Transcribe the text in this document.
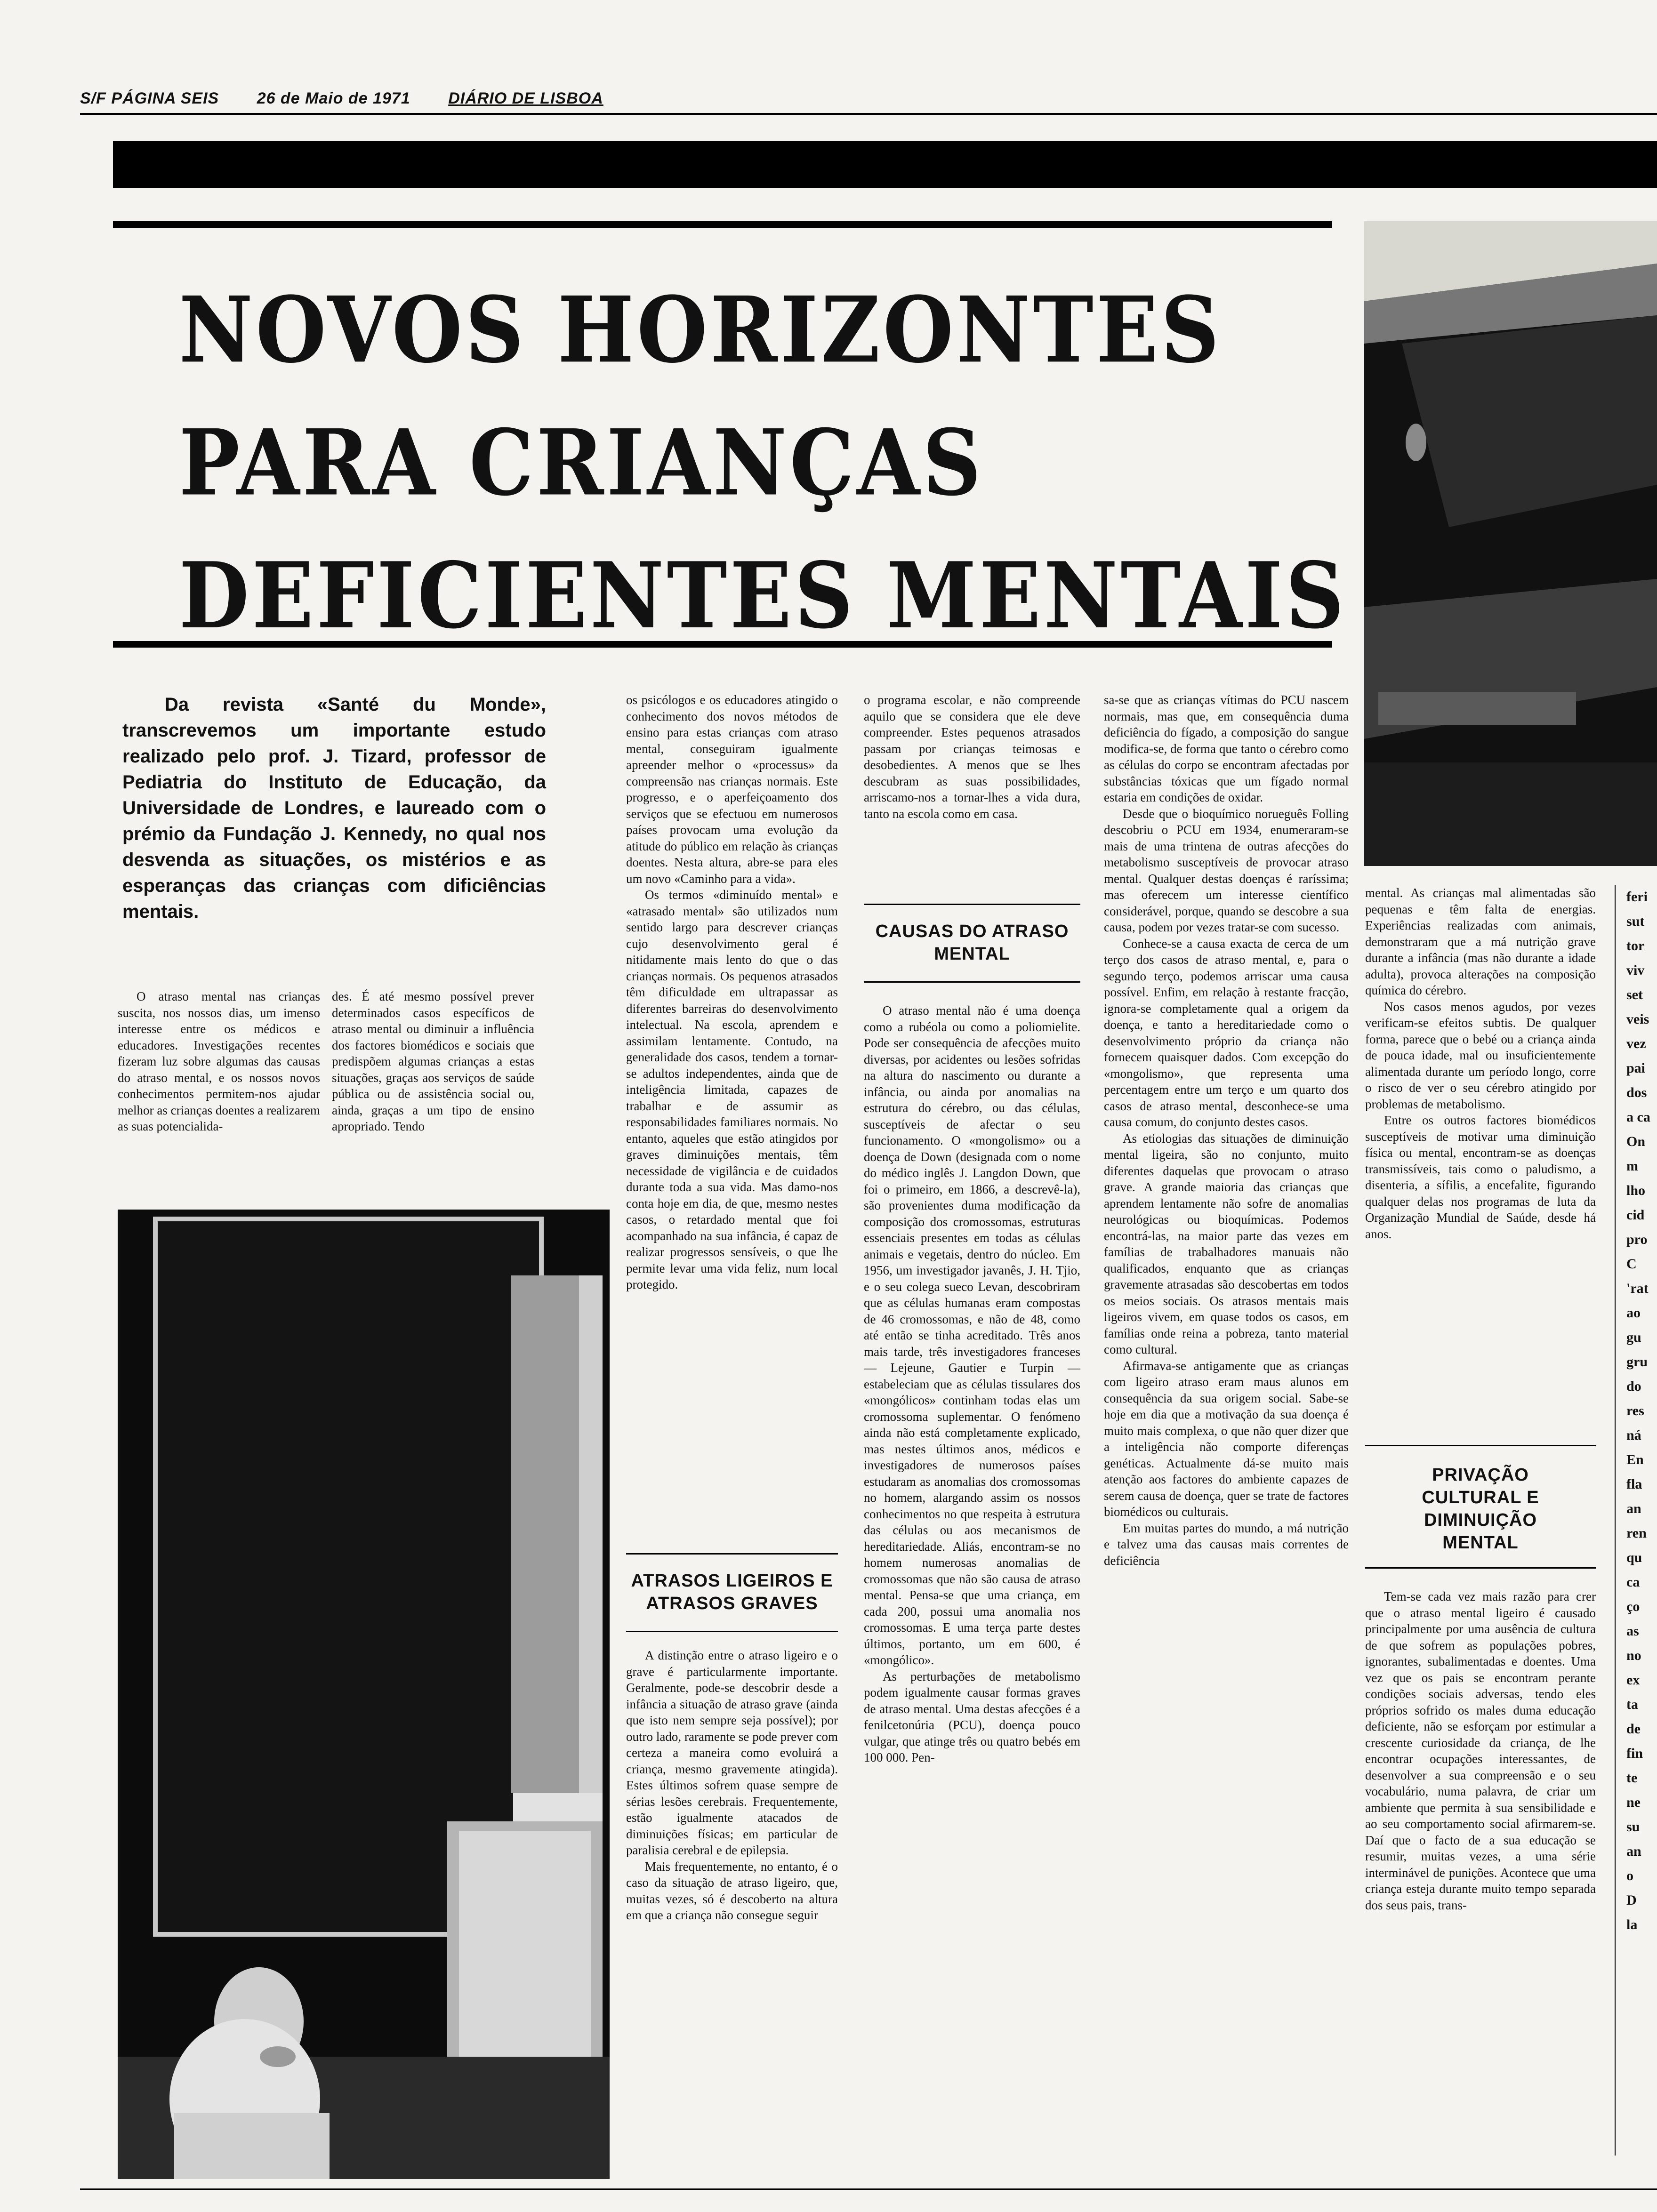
S/F PÁGINA SEIS 26 de Maio de 1971 DIÁRIO DE LISBOA
NOVOS HORIZONTES
PARA CRIANÇAS
DEFICIENTES MENTAIS
Da revista «Santé du Monde», transcrevemos um importante estudo realizado pelo prof. J. Tizard, professor de Pediatria do Instituto de Educação, da Universidade de Londres, e laureado com o prémio da Fundação J. Kennedy, no qual nos desvenda as situações, os mistérios e as esperanças das crianças com dificiências mentais.

O atraso mental nas crianças suscita, nos nossos dias, um imenso interesse entre os médicos e educadores. Investigações recentes fizeram luz sobre algumas das causas do atraso mental, e os nossos novos conhecimentos permitem-nos ajudar melhor as crianças doentes a realizarem as suas potencialida-

des. É até mesmo possível prever determinados casos específicos de atraso mental ou diminuir a influência dos factores biomédicos e sociais que predispõem algumas crianças a estas situações, graças aos serviços de saúde pública ou de assistência social ou, ainda, graças a um tipo de ensino apropriado. Tendo

os psicólogos e os educadores atingido o conhecimento dos novos métodos de ensino para estas crianças com atraso mental, conseguiram igualmente apreender melhor o «processus» da compreensão nas crianças normais. Este progresso, e o aperfeiçoamento dos serviços que se efectuou em numerosos países provocam uma evolução da atitude do público em relação às crianças doentes. Nesta altura, abre-se para eles um novo «Caminho para a vida».

Os termos «diminuído mental» e «atrasado mental» são utilizados num sentido largo para descrever crianças cujo desenvolvimento geral é nitidamente mais lento do que o das crianças normais. Os pequenos atrasados têm dificuldade em ultrapassar as diferentes barreiras do desenvolvimento intelectual. Na escola, aprendem e assimilam lentamente. Contudo, na generalidade dos casos, tendem a tornar-se adultos independentes, ainda que de inteligência limitada, capazes de trabalhar e de assumir as responsabilidades familiares normais. No entanto, aqueles que estão atingidos por graves diminuições mentais, têm necessidade de vigilância e de cuidados durante toda a sua vida. Mas damo-nos conta hoje em dia, de que, mesmo nestes casos, o retardado mental que foi acompanhado na sua infância, é capaz de realizar progressos sensíveis, o que lhe permite levar uma vida feliz, num local protegido.

ATRASOS LIGEIROS E ATRASOS GRAVES

A distinção entre o atraso ligeiro e o grave é particularmente importante. Geralmente, pode-se descobrir desde a infância a situação de atraso grave (ainda que isto nem sempre seja possível); por outro lado, raramente se pode prever com certeza a maneira como evoluirá a criança, mesmo gravemente atingida). Estes últimos sofrem quase sempre de sérias lesões cerebrais. Frequentemente, estão igualmente atacados de diminuições físicas; em particular de paralisia cerebral e de epilepsia.

Mais frequentemente, no entanto, é o caso da situação de atraso ligeiro, que, muitas vezes, só é descoberto na altura em que a criança não consegue seguir

o programa escolar, e não compreende aquilo que se considera que ele deve compreender. Estes pequenos atrasados passam por crianças teimosas e desobedientes. A menos que se lhes descubram as suas possibilidades, arriscamo-nos a tornar-lhes a vida dura, tanto na escola como em casa.

CAUSAS DO ATRASO MENTAL

O atraso mental não é uma doença como a rubéola ou como a poliomielite. Pode ser consequência de afecções muito diversas, por acidentes ou lesões sofridas na altura do nascimento ou durante a infância, ou ainda por anomalias na estrutura do cérebro, ou das células, susceptíveis de afectar o seu funcionamento. O «mongolismo» ou a doença de Down (designada com o nome do médico inglês J. Langdon Down, que foi o primeiro, em 1866, a descrevê-la), são provenientes duma modificação da composição dos cromossomas, estruturas essenciais presentes em todas as células animais e vegetais, dentro do núcleo. Em 1956, um investigador javanês, J. H. Tjio, e o seu colega sueco Levan, descobriram que as células humanas eram compostas de 46 cromossomas, e não de 48, como até então se tinha acreditado. Três anos mais tarde, três investigadores franceses — Lejeune, Gautier e Turpin — estabeleciam que as células tissulares dos «mongólicos» continham todas elas um cromossoma suplementar. O fenómeno ainda não está completamente explicado, mas nestes últimos anos, médicos e investigadores de numerosos países estudaram as anomalias dos cromossomas no homem, alargando assim os nossos conhecimentos no que respeita à estrutura das células ou aos mecanismos de hereditariedade. Aliás, encontram-se no homem numerosas anomalias de cromossomas que não são causa de atraso mental. Pensa-se que uma criança, em cada 200, possui uma anomalia nos cromossomas. E uma terça parte destes últimos, portanto, um em 600, é «mongólico».

As perturbações de metabolismo podem igualmente causar formas graves de atraso mental. Uma destas afecções é a fenilcetonúria (PCU), doença pouco vulgar, que atinge três ou quatro bebés em 100 000. Pen-

sa-se que as crianças vítimas do PCU nascem normais, mas que, em consequência duma deficiência do fígado, a composição do sangue modifica-se, de forma que tanto o cérebro como as células do corpo se encontram afectadas por substâncias tóxicas que um fígado normal estaria em condições de oxidar.

Desde que o bioquímico norueguês Folling descobriu o PCU em 1934, enumeraram-se mais de uma trintena de outras afecções do metabolismo susceptíveis de provocar atraso mental. Qualquer destas doenças é raríssima; mas oferecem um interesse científico considerável, porque, quando se descobre a sua causa, podem por vezes tratar-se com sucesso.

Conhece-se a causa exacta de cerca de um terço dos casos de atraso mental, e, para o segundo terço, podemos arriscar uma causa possível. Enfim, em relação à restante fracção, ignora-se completamente qual a origem da doença, e tanto a hereditariedade como o desenvolvimento próprio da criança não fornecem quaisquer dados. Com excepção do «mongolismo», que representa uma percentagem entre um terço e um quarto dos casos de atraso mental, desconhece-se uma causa comum, do conjunto destes casos.

As etiologias das situações de diminuição mental ligeira, são no conjunto, muito diferentes daquelas que provocam o atraso grave. A grande maioria das crianças que aprendem lentamente não sofre de anomalias neurológicas ou bioquímicas. Podemos encontrá-las, na maior parte das vezes em famílias de trabalhadores manuais não qualificados, enquanto que as crianças gravemente atrasadas são descobertas em todos os meios sociais. Os atrasos mentais mais ligeiros vivem, em quase todos os casos, em famílias onde reina a pobreza, tanto material como cultural.

Afirmava-se antigamente que as crianças com ligeiro atraso eram maus alunos em consequência da sua origem social. Sabe-se hoje em dia que a motivação da sua doença é muito mais complexa, o que não quer dizer que a inteligência não comporte diferenças genéticas. Actualmente dá-se muito mais atenção aos factores do ambiente capazes de serem causa de doença, quer se trate de factores biomédicos ou culturais.

Em muitas partes do mundo, a má nutrição e talvez uma das causas mais correntes de deficiência

mental. As crianças mal alimentadas são pequenas e têm falta de energias. Experiências realizadas com animais, demonstraram que a má nutrição grave durante a infância (mas não durante a idade adulta), provoca alterações na composição química do cérebro.

Nos casos menos agudos, por vezes verificam-se efeitos subtis. De qualquer forma, parece que o bebé ou a criança ainda de pouca idade, mal ou insuficientemente alimentada durante um período longo, corre o risco de ver o seu cérebro atingido por problemas de metabolismo.

Entre os outros factores biomédicos susceptíveis de motivar uma diminuição física ou mental, encontram-se as doenças transmissíveis, tais como o paludismo, a disenteria, a sífilis, a encefalite, figurando qualquer delas nos programas de luta da Organização Mundial de Saúde, desde há anos.

PRIVAÇÃO CULTURAL E DIMINUIÇÃO MENTAL

Tem-se cada vez mais razão para crer que o atraso mental ligeiro é causado principalmente por uma ausência de cultura de que sofrem as populações pobres, ignorantes, subalimentadas e doentes. Uma vez que os pais se encontram perante condições sociais adversas, tendo eles próprios sofrido os males duma educação deficiente, não se esforçam por estimular a crescente curiosidade da criança, de lhe encontrar ocupações interessantes, de desenvolver a sua compreensão e o seu vocabulário, numa palavra, de criar um ambiente que permita à sua sensibilidade e ao seu comportamento social afirmarem-se. Daí que o facto de a sua educação se resumir, muitas vezes, a uma série interminável de punições. Acontece que uma criança esteja durante muito tempo separada dos seus pais, trans-

feri
sut
tor
viv
set
veis
vez
pai
dos
a ca
On
m
lho
cid
pro
C
'rat
ao
gu
gru
do
res
ná
En
fla
an
ren
qu
ca
ço
as
no
ex
ta
de
fin
te
ne
su
an
o
D
la
